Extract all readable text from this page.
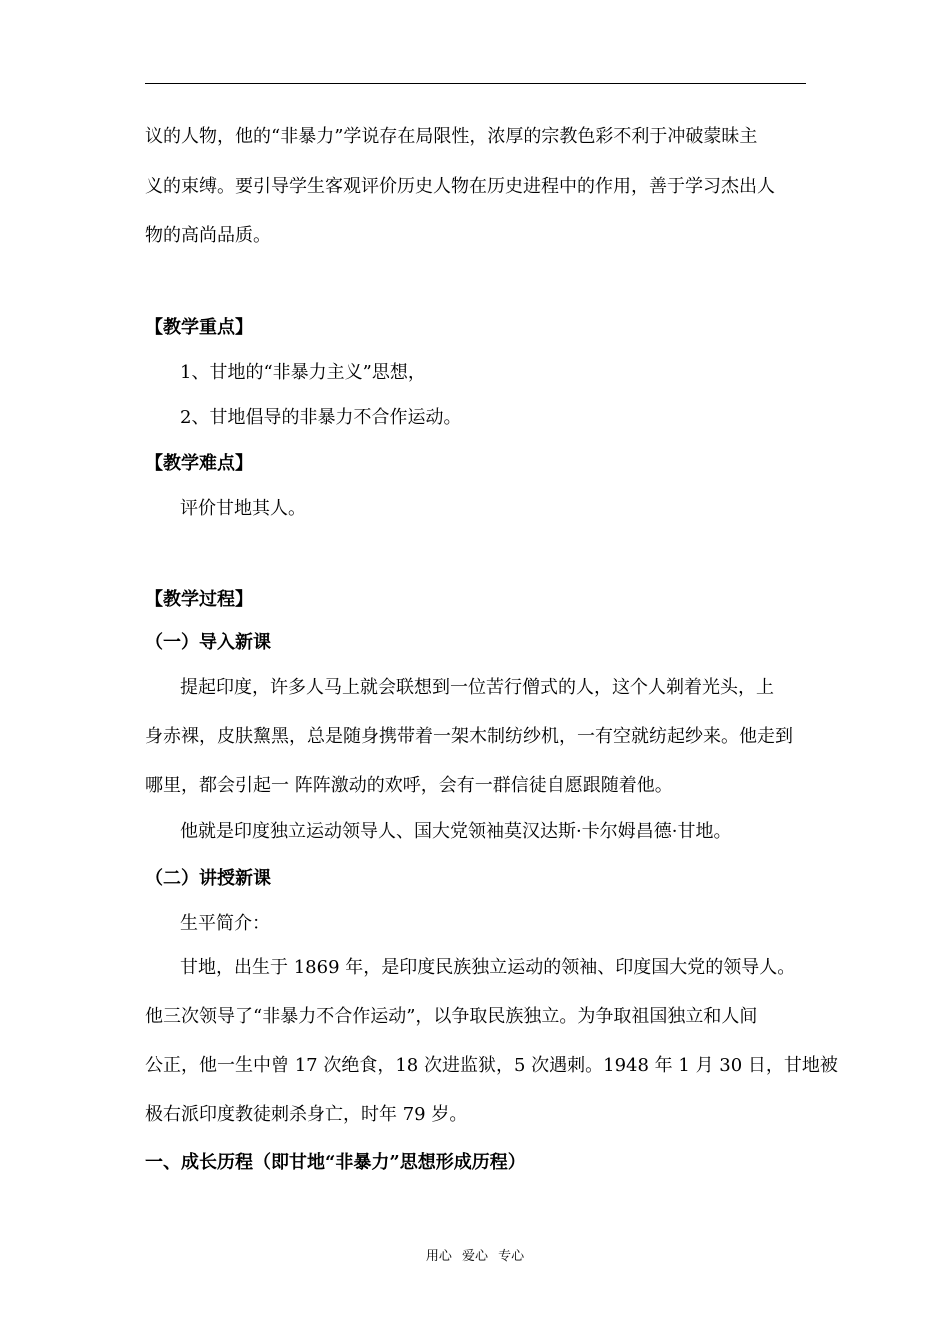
议的人物，他的“非暴力”学说存在局限性，浓厚的宗教色彩不利于冲破蒙昧主
义的束缚。要引导学生客观评价历史人物在历史进程中的作用，善于学习杰出人
物的高尚品质。
【教学重点】
1、甘地的“非暴力主义”思想，
2、甘地倡导的非暴力不合作运动。
【教学难点】
评价甘地其人。
【教学过程】
（一）导入新课
提起印度，许多人马上就会联想到一位苦行僧式的人，这个人剃着光头，上
身赤裸，皮肤黧黑，总是随身携带着一架木制纺纱机，一有空就纺起纱来。他走到
哪里，都会引起一 阵阵激动的欢呼，会有一群信徒自愿跟随着他。
他就是印度独立运动领导人、国大党领袖莫汉达斯·卡尔姆昌德·甘地。
（二）讲授新课
生平简介：
甘地，出生于 1869 年，是印度民族独立运动的领袖、印度国大党的领导人。
他三次领导了“非暴力不合作运动”，以争取民族独立。为争取祖国独立和人间
公正，他一生中曾 17 次绝食，18 次进监狱，5 次遇刺。1948 年 1 月 30 日，甘地被
极右派印度教徒刺杀身亡，时年 79 岁。
一、成长历程（即甘地“非暴力”思想形成历程）
用心 爱心 专心
